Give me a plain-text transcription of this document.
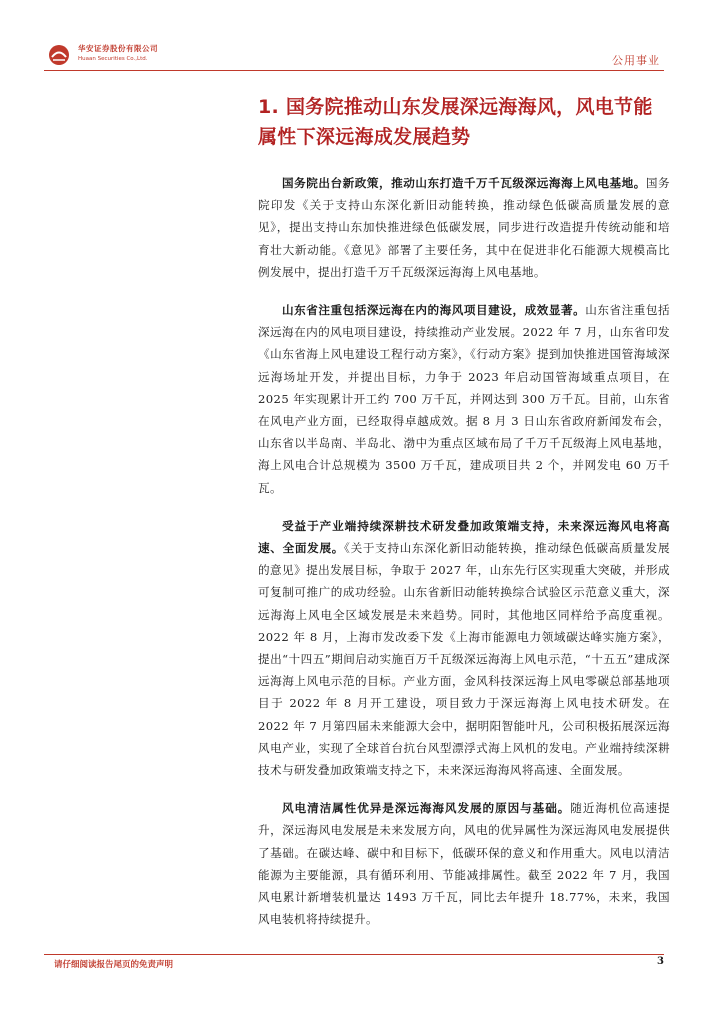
华安证券股份有限公司
Huaan Securities Co.,Ltd.	公用事业
1. 国务院推动山东发展深远海海风，风电节能属性下深远海成发展趋势

国务院出台新政策，推动山东打造千万千瓦级深远海海上风电基地。国务院印发《关于支持山东深化新旧动能转换，推动绿色低碳高质量发展的意见》，提出支持山东加快推进绿色低碳发展，同步进行改造提升传统动能和培育壮大新动能。《意见》部署了主要任务，其中在促进非化石能源大规模高比例发展中，提出打造千万千瓦级深远海海上风电基地。

山东省注重包括深远海在内的海风项目建设，成效显著。山东省注重包括深远海在内的风电项目建设，持续推动产业发展。2022 年 7 月，山东省印发《山东省海上风电建设工程行动方案》，《行动方案》提到加快推进国管海域深远海场址开发，并提出目标，力争于 2023 年启动国管海域重点项目，在 2025 年实现累计开工约 700 万千瓦，并网达到 300 万千瓦。目前，山东省在风电产业方面，已经取得卓越成效。据 8 月 3 日山东省政府新闻发布会，山东省以半岛南、半岛北、渤中为重点区域布局了千万千瓦级海上风电基地，海上风电合计总规模为 3500 万千瓦，建成项目共 2 个，并网发电 60 万千瓦。

受益于产业端持续深耕技术研发叠加政策端支持，未来深远海风电将高速、全面发展。《关于支持山东深化新旧动能转换，推动绿色低碳高质量发展的意见》提出发展目标，争取于 2027 年，山东先行区实现重大突破，并形成可复制可推广的成功经验。山东省新旧动能转换综合试验区示范意义重大，深远海海上风电全区域发展是未来趋势。同时，其他地区同样给予高度重视。2022 年 8 月，上海市发改委下发《上海市能源电力领域碳达峰实施方案》，提出“十四五”期间启动实施百万千瓦级深远海海上风电示范，“十五五”建成深远海海上风电示范的目标。产业方面，金风科技深远海上风电零碳总部基地项目于 2022 年 8 月开工建设，项目致力于深远海海上风电技术研发。在 2022 年 7 月第四届未来能源大会中，据明阳智能叶凡，公司积极拓展深远海风电产业，实现了全球首台抗台风型漂浮式海上风机的发电。产业端持续深耕技术与研发叠加政策端支持之下，未来深远海海风将高速、全面发展。

风电清洁属性优异是深远海海风发展的原因与基础。随近海机位高速提升，深远海风电发展是未来发展方向，风电的优异属性为深远海风电发展提供了基础。在碳达峰、碳中和目标下，低碳环保的意义和作用重大。风电以清洁能源为主要能源，具有循环利用、节能减排属性。截至 2022 年 7 月，我国风电累计新增装机量达 1493 万千瓦，同比去年提升 18.77%，未来，我国风电装机将持续提升。

请仔细阅读报告尾页的免责声明	3
